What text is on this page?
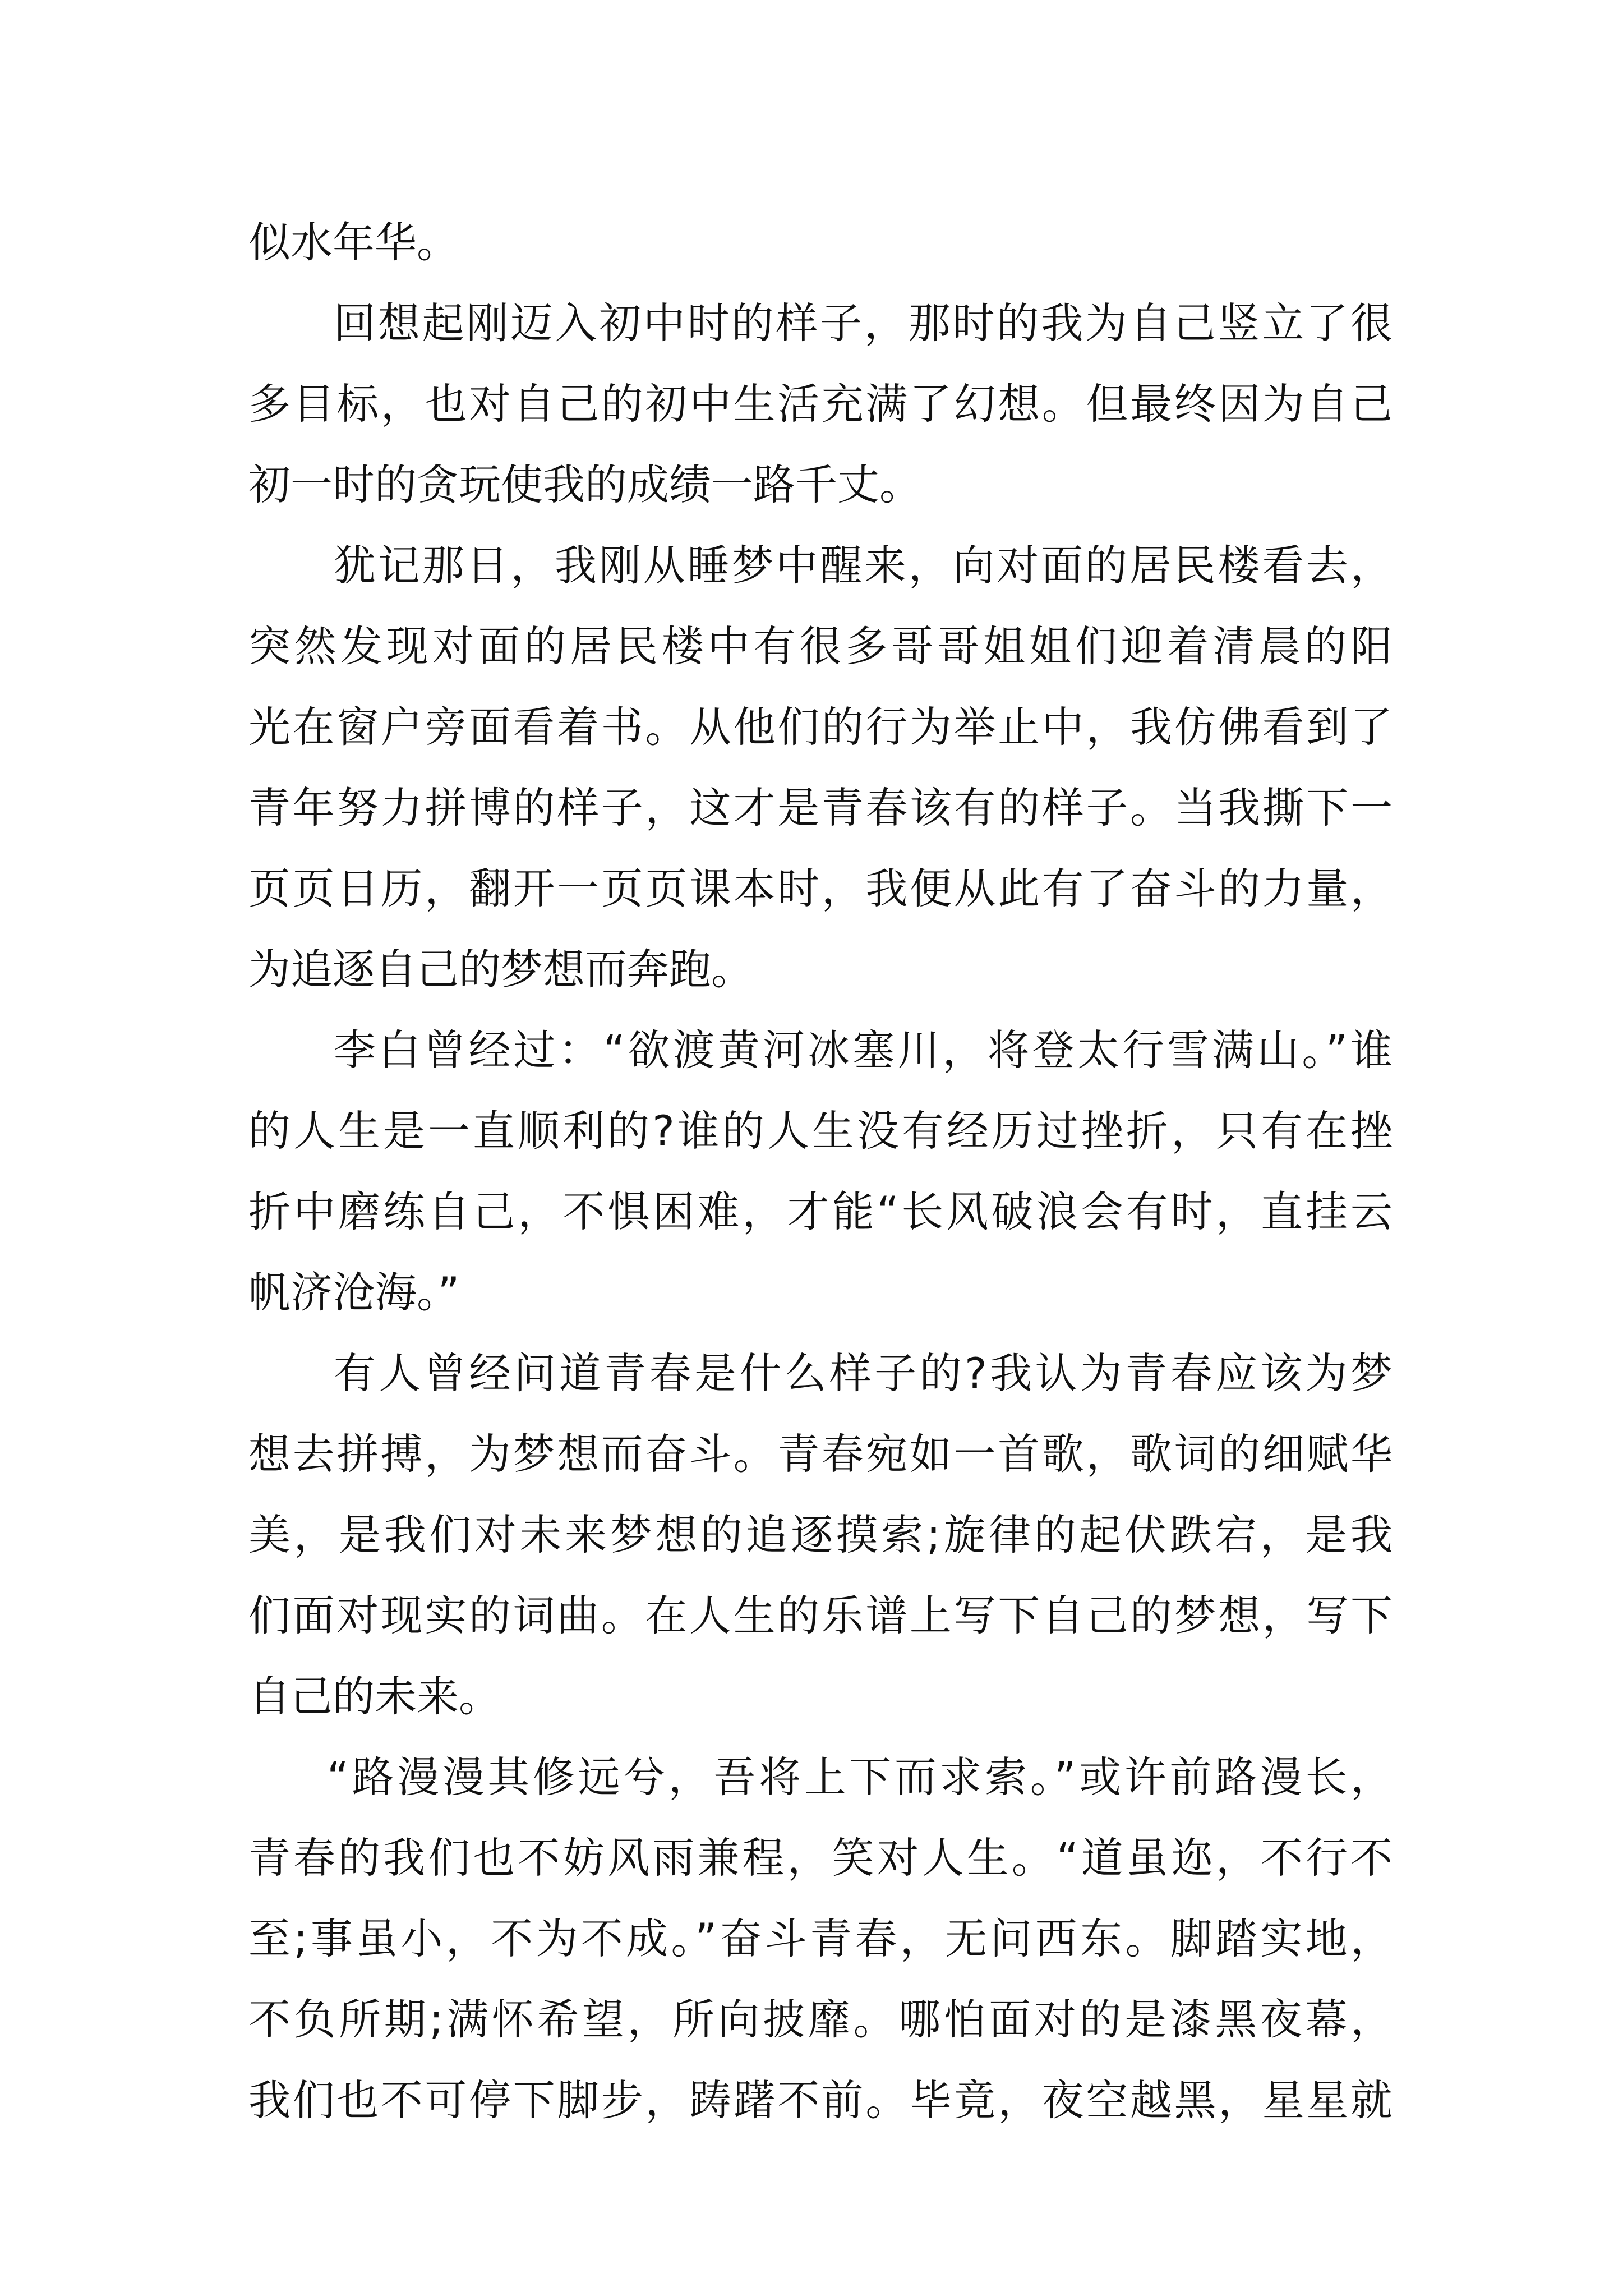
似水年华。
回想起刚迈入初中时的样子，那时的我为自己竖立了很
多目标，也对自己的初中生活充满了幻想。但最终因为自己
初一时的贪玩使我的成绩一路千丈。
犹记那日，我刚从睡梦中醒来，向对面的居民楼看去，
突然发现对面的居民楼中有很多哥哥姐姐们迎着清晨的阳
光在窗户旁面看着书。从他们的行为举止中，我仿佛看到了
青年努力拼博的样子，这才是青春该有的样子。当我撕下一
页页日历，翻开一页页课本时，我便从此有了奋斗的力量，
为追逐自己的梦想而奔跑。
李白曾经过：“欲渡黄河冰塞川，将登太行雪满山。”谁
的人生是一直顺利的?谁的人生没有经历过挫折，只有在挫
折中磨练自己，不惧困难，才能“长风破浪会有时，直挂云
帆济沧海。”
有人曾经问道青春是什么样子的?我认为青春应该为梦
想去拼搏，为梦想而奋斗。青春宛如一首歌，歌词的细赋华
美，是我们对未来梦想的追逐摸索;旋律的起伏跌宕，是我
们面对现实的词曲。在人生的乐谱上写下自己的梦想，写下
自己的未来。
“路漫漫其修远兮，吾将上下而求索。”或许前路漫长，
青春的我们也不妨风雨兼程，笑对人生。“道虽迩，不行不
至;事虽小，不为不成。”奋斗青春，无问西东。脚踏实地，
不负所期;满怀希望，所向披靡。哪怕面对的是漆黑夜幕，
我们也不可停下脚步，踌躇不前。毕竟，夜空越黑，星星就
